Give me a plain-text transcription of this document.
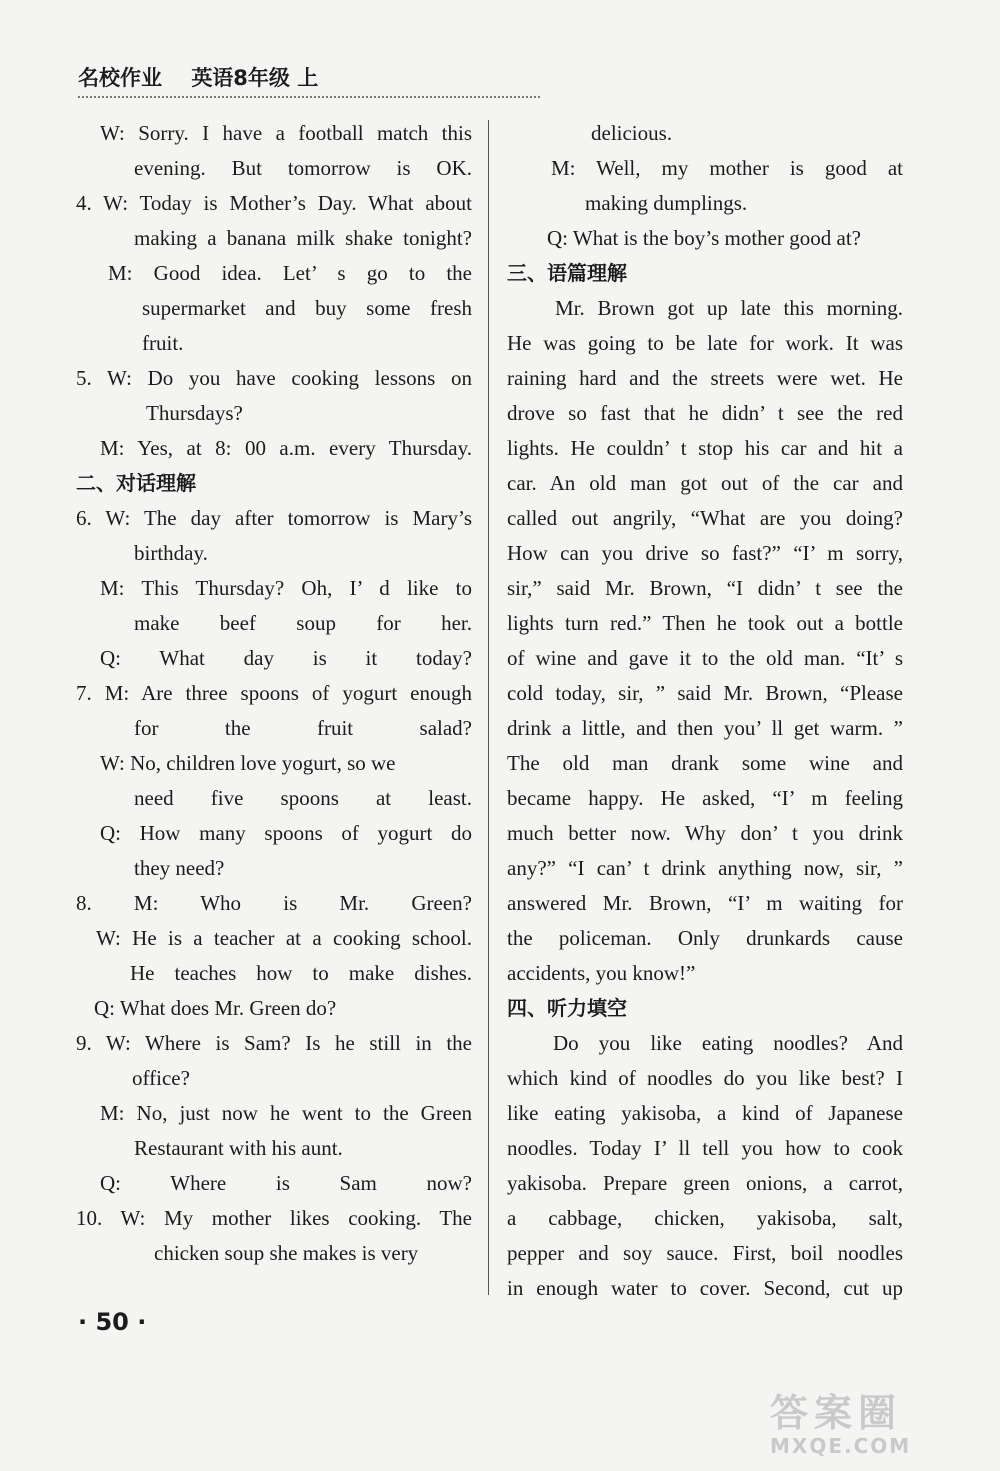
名校作业 英语8年级 上
W: Sorry. I have a football match this
evening. But tomorrow is OK.
4. W: Today is Mother’s Day. What about
making a banana milk shake tonight?
M: Good idea. Let’ s go to the
supermarket and buy some fresh
fruit.
5. W: Do you have cooking lessons on
Thursdays?
M: Yes, at 8: 00 a.m. every Thursday.
二、对话理解
6. W: The day after tomorrow is Mary’s
birthday.
M: This Thursday? Oh, I’ d like to
make beef soup for her.
Q: What day is it today?
7. M: Are three spoons of yogurt enough
for the fruit salad?
W: No, children love yogurt, so we
need five spoons at least.
Q: How many spoons of yogurt do
they need?
8. M: Who is Mr. Green?
W: He is a teacher at a cooking school.
He teaches how to make dishes.
Q: What does Mr. Green do?
9. W: Where is Sam? Is he still in the
office?
M: No, just now he went to the Green
Restaurant with his aunt.
Q: Where is Sam now?
10. W: My mother likes cooking. The
chicken soup she makes is very
delicious.
M: Well, my mother is good at
making dumplings.
Q: What is the boy’s mother good at?
三、语篇理解
Mr. Brown got up late this morning.
He was going to be late for work. It was
raining hard and the streets were wet. He
drove so fast that he didn’ t see the red
lights. He couldn’ t stop his car and hit a
car. An old man got out of the car and
called out angrily, “What are you doing?
How can you drive so fast?” “I’ m sorry,
sir,” said Mr. Brown, “I didn’ t see the
lights turn red.” Then he took out a bottle
of wine and gave it to the old man. “It’ s
cold today, sir, ” said Mr. Brown, “Please
drink a little, and then you’ ll get warm. ”
The old man drank some wine and
became happy. He asked, “I’ m feeling
much better now. Why don’ t you drink
any?” “I can’ t drink anything now, sir, ”
answered Mr. Brown, “I’ m waiting for
the policeman. Only drunkards cause
accidents, you know!”
四、听力填空
Do you like eating noodles? And
which kind of noodles do you like best? I
like eating yakisoba, a kind of Japanese
noodles. Today I’ ll tell you how to cook
yakisoba. Prepare green onions, a carrot,
a cabbage, chicken, yakisoba, salt,
pepper and soy sauce. First, boil noodles
in enough water to cover. Second, cut up
· 50 ·
答案圈
MXQE.COM
